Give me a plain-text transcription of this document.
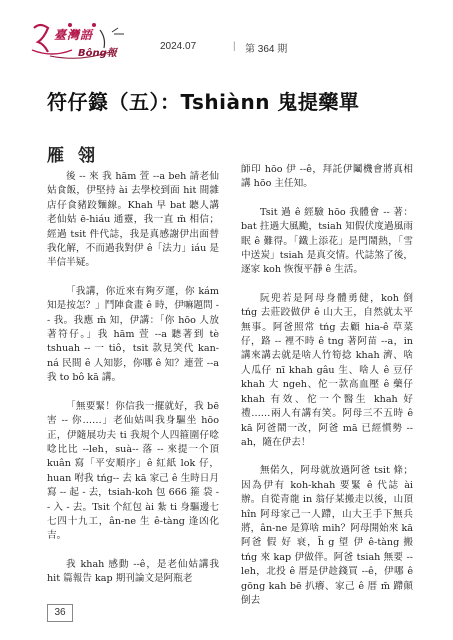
臺灣語
Bông報
2024.07	| 第 364 期
符仔籙（五）：Tshiànn 鬼提藥單
雁翎

後 -- 來 我 hām 萱 --a beh 請老仙姑食飯，伊堅持 ài 去學校到面 hit 間雜店仔食豬跤麵線。Khah 早 bat 聽人講老仙姑 ē-hiáu 通靈，我一直 m̄ 相信；經過 tsit 件代誌，我是真感謝伊出面替我化解，不而過我對伊 ê「法力」iáu 是半信半疑。

「我講，你近來有夠歹運，你 kám 知是按怎？」鬥陣食畫 ê 時，伊嘛題問 -- 我。我應 m̄ 知，伊講：「你 hōo 人放著符仔。」我 hām 萱 --a 聽著到 tè tshuah -- 一 tiô，tsit 款見笑代 kan-ná 民間 ê 人知影，你哪 ê 知？連萱 --a 我 to bô kā 講。

「無要緊！你信我一擺就好，我 bē 害 -- 你……」老仙姑叫我身驅坐 hōo 正，伊隨展功夫 ti 我規个人四箍圍仔唸唸比比 --leh，suà-- 落 -- 來提一个頂 kuân 寫「平安順序」ê 紅紙 lok 仔，huan 咐我 tńg-- 去 kā 家己 ê 生時日月寫 -- 起 - 去，tsiah-koh 包 666 箍 袋 -- 入 - 去。Tsit 个紅包 ài 紮 ti 身驅邊七七四十九工，ân-ne 生 ê-tàng 逢凶化吉。

我 khah 感動 --ê，是老仙姑講我 hit 篇報告 kap 期刊論文是阿瓶老

師印 hōo 伊 --ê，拜託伊鬮機會將真相講 hōo 主任知。

Tsit 過 ê 經驗 hōo 我體會 -- 著：bat 拄過大風颱，tsiah 知假伏度過風雨眠 ê 難得。「鐵上添花」是門鬧熱，「雪中送炭」tsiah 是真交情。代誌煞了後，逐家 koh 恢復平靜 ê 生活。

阮兜若是阿母身體勇健，koh 倒 tńg 去莊跤做伊 ê 山大王，自然就太平無事。阿爸照常 tńg 去顧 hia-ê 草菜仔，路 -- 裡不時 ê tng 著阿苗 --a，in 講來講去就是啥人竹筍捻 khah 濟、啥人瓜仔 nī khah gâu 生、啥人 ê 豆仔 khah 大 ngeh、佗一款高血壓 ê 藥仔 khah 有效、佗一个醫生 khah 好禮……兩人有講有笑。阿母三不五時 ê kā 阿爸鬧一改，阿爸 mā 已經慣勢 --ah，隨在伊去！

無偌久，阿母就放過阿爸 tsit 條；因為伊有 koh-khah 要緊 ê 代誌 ài 辦。自從青龍 in 翁仔某搬走以後，山頂 hîn 阿母家己一人蹛，山大王手下無兵將，ân-ne 是算啥 mih？阿母開始來 kā 阿爸 假 好 衰，h̄ g 望 伊 ê-tàng 搬 tńg 來 kap 伊做伴。阿爸 tsiah 無要 --leh，北投 ê 厝是伊趁錢買 --ê，伊哪 ê gōng kah bē 扒癢、家己 ê 厝 m̄ 蹛顛倒去

36
